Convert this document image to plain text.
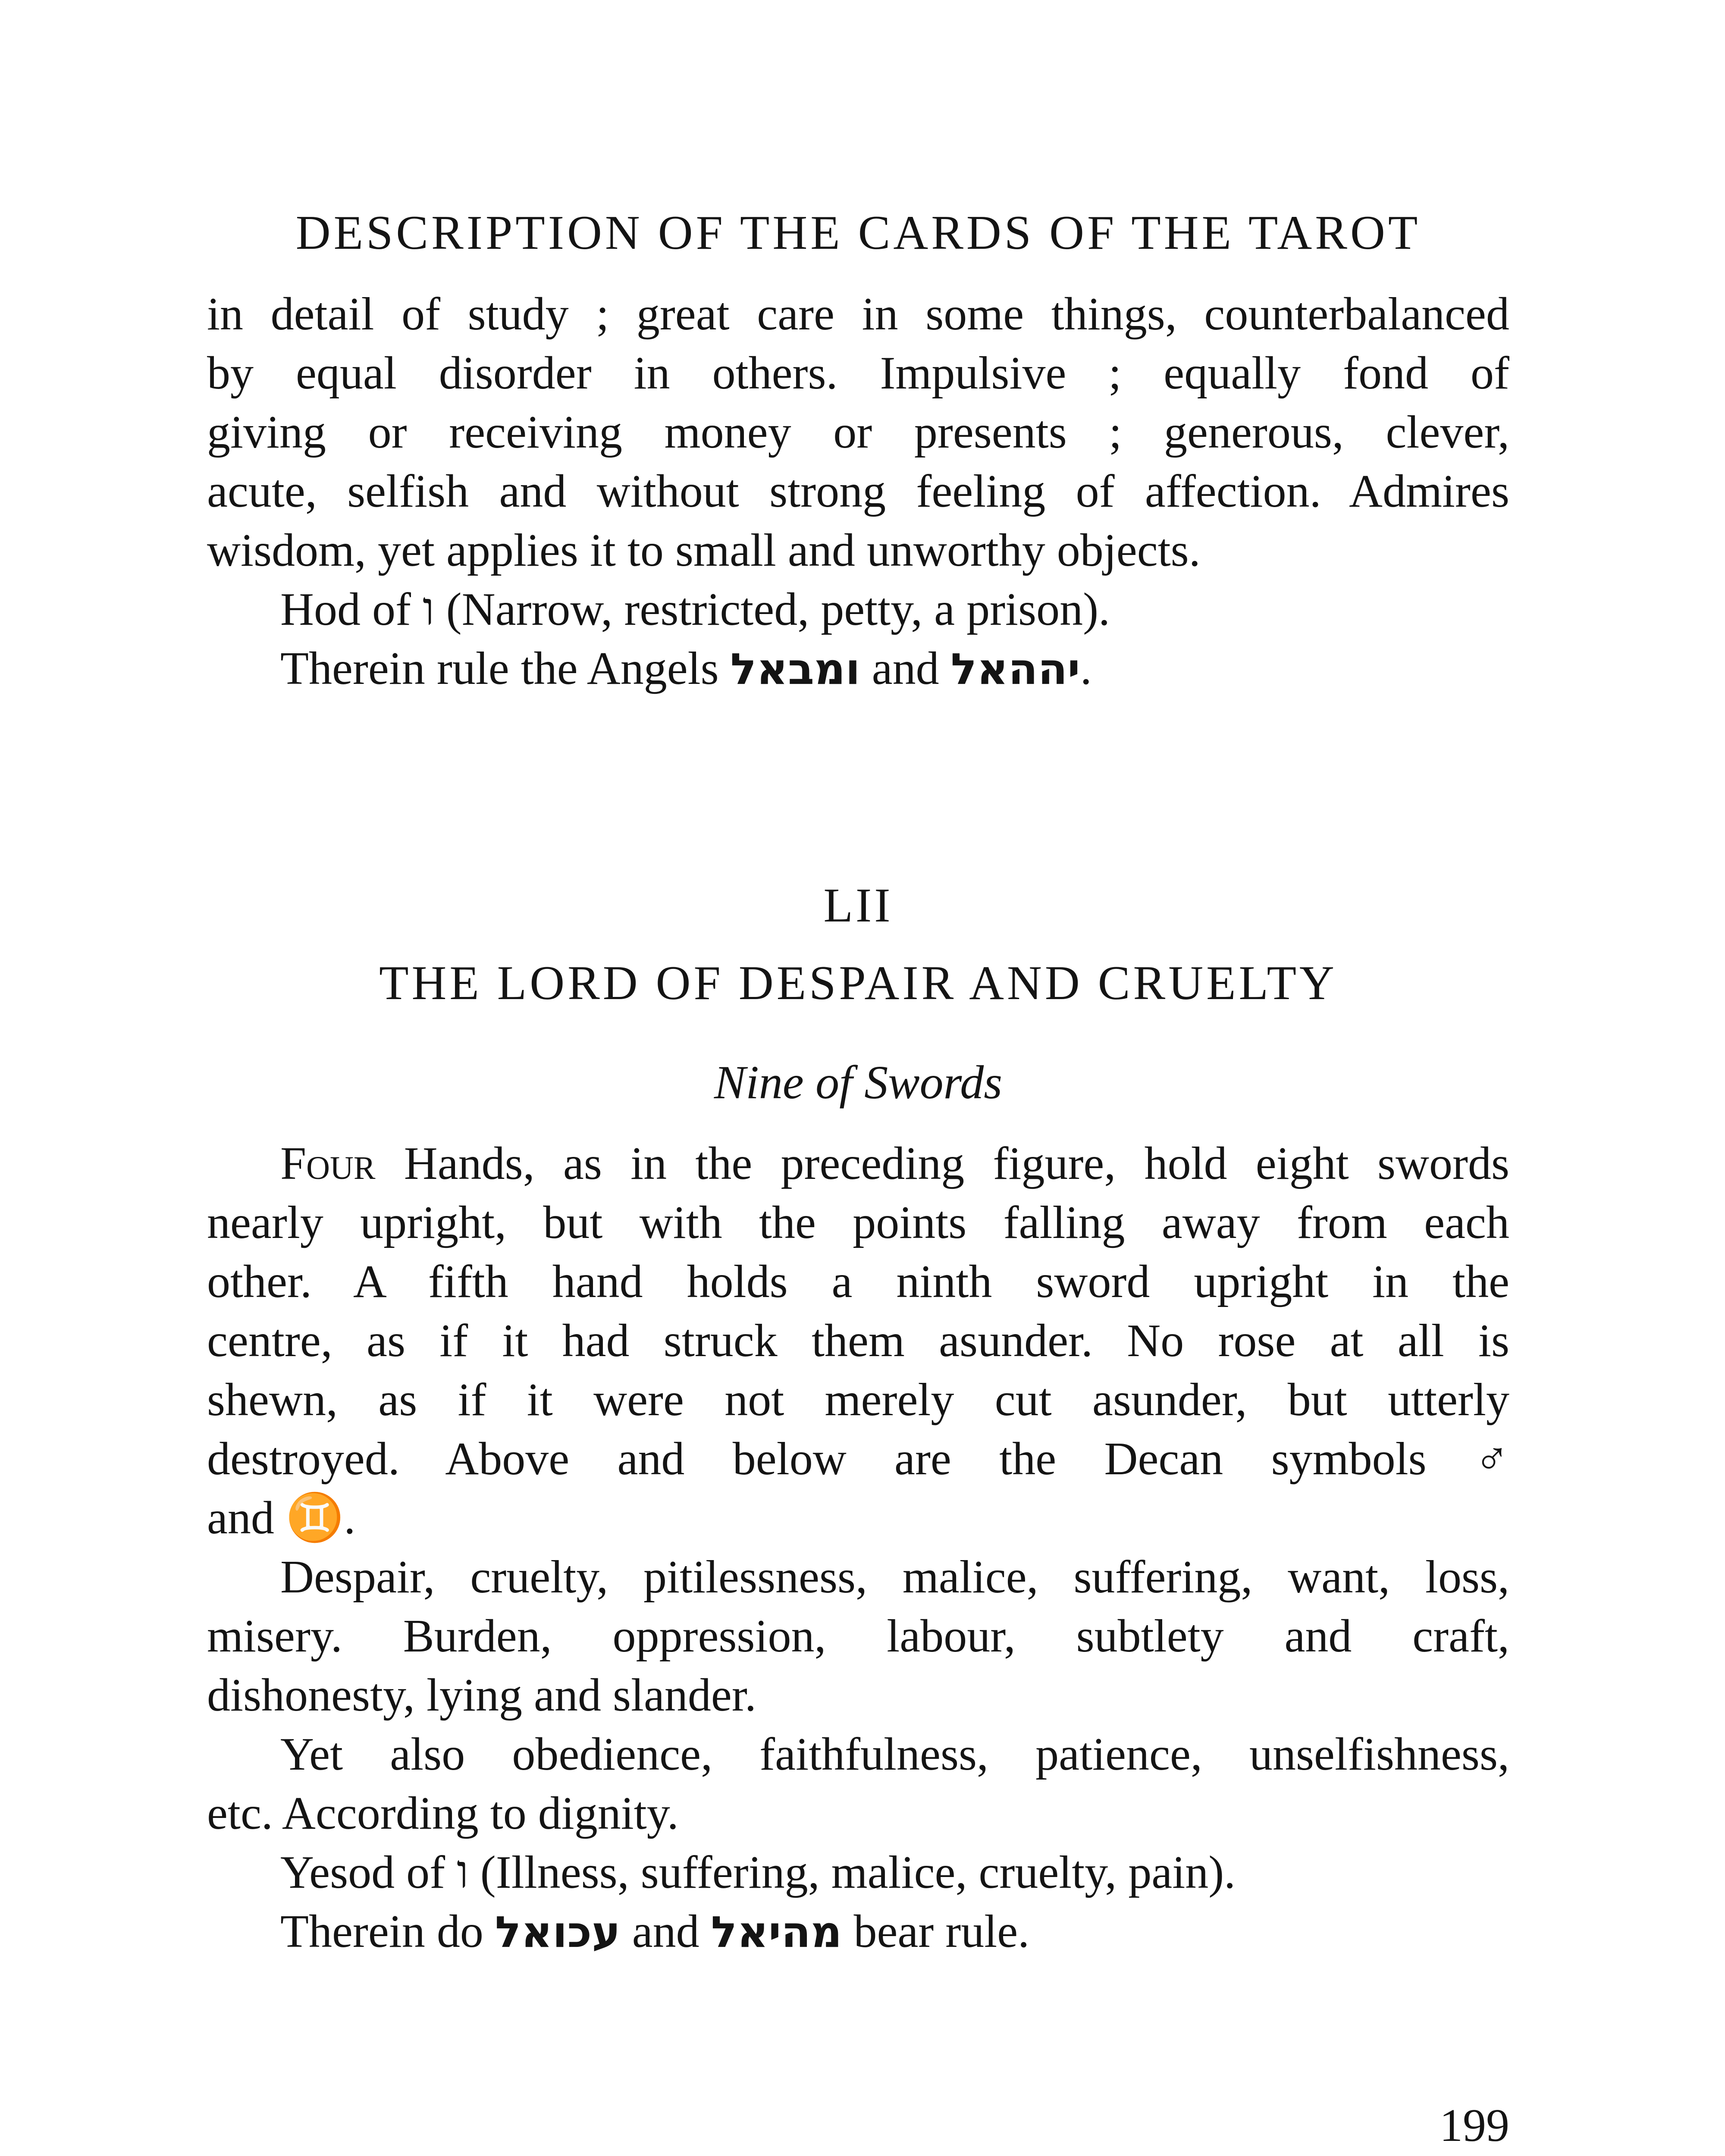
DESCRIPTION OF THE CARDS OF THE TAROT

in detail of study ; great care in some things, counterbalanced

by equal disorder in others. Impulsive ; equally fond of

giving or receiving money or presents ; generous, clever,

acute, selfish and without strong feeling of affection. Admires

wisdom, yet applies it to small and unworthy objects.

Hod of ו (Narrow, restricted, petty, a prison).

Therein rule the Angels ומבאל and יההאל.

LII
THE LORD OF DESPAIR AND CRUELTY
Nine of Swords

Four Hands, as in the preceding figure, hold eight swords

nearly upright, but with the points falling away from each

other. A fifth hand holds a ninth sword upright in the

centre, as if it had struck them asunder. No rose at all is

shewn, as if it were not merely cut asunder, but utterly

destroyed. Above and below are the Decan symbols ♂

and ♊.

Despair, cruelty, pitilessness, malice, suffering, want, loss,

misery. Burden, oppression, labour, subtlety and craft,

dishonesty, lying and slander.

Yet also obedience, faithfulness, patience, unselfishness,

etc. According to dignity.

Yesod of ו (Illness, suffering, malice, cruelty, pain).

Therein do עכואל and מהיאל bear rule.

199
